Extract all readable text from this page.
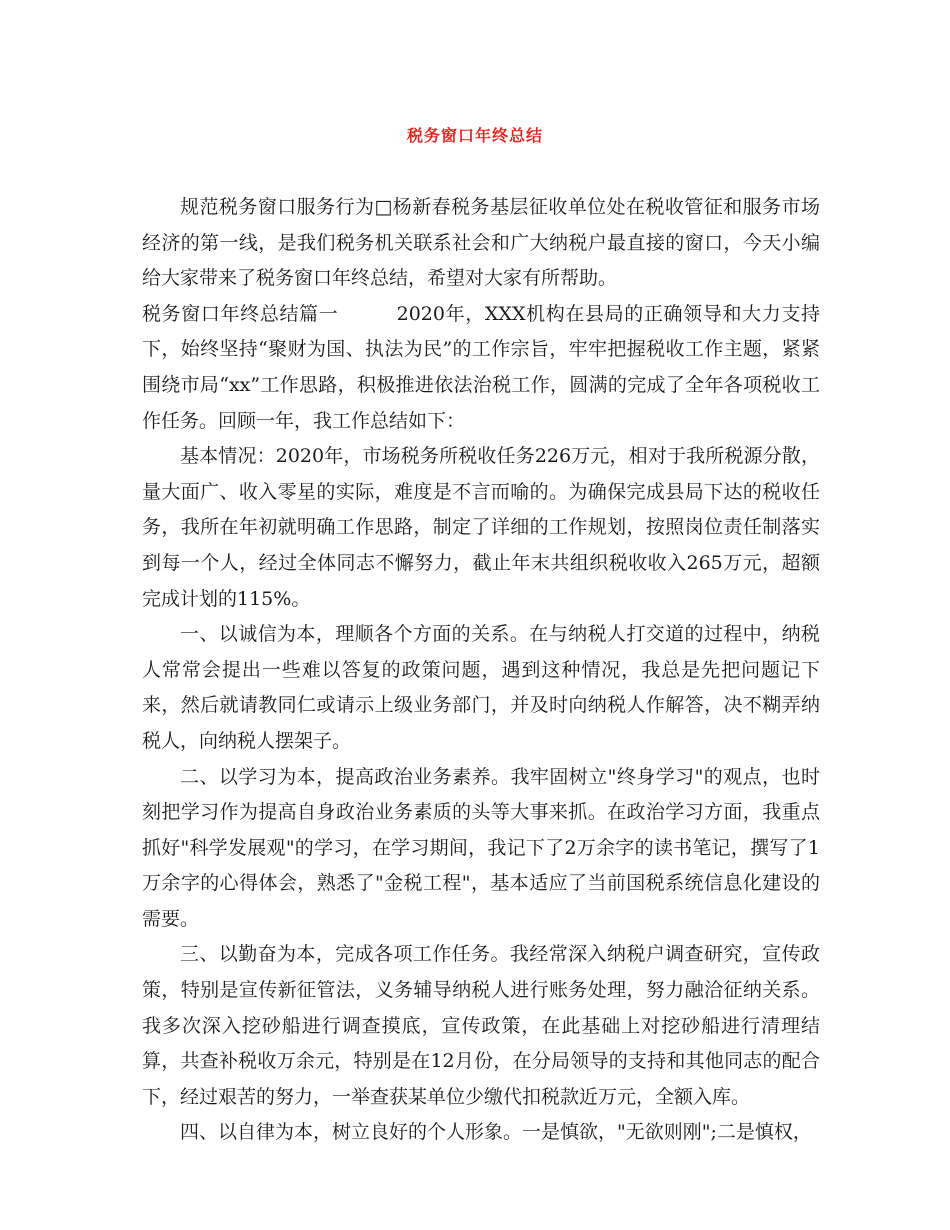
税务窗口年终总结

规范税务窗口服务行为□杨新春税务基层征收单位处在税收管征和服务市场经济的第一线，是我们税务机关联系社会和广大纳税户最直接的窗口，今天小编给大家带来了税务窗口年终总结，希望对大家有所帮助。

税务窗口年终总结篇一　　 2020年，XXX机构在县局的正确领导和大力支持下，始终坚持“聚财为国、执法为民”的工作宗旨，牢牢把握税收工作主题，紧紧围绕市局“xx”工作思路，积极推进依法治税工作，圆满的完成了全年各项税收工作任务。回顾一年，我工作总结如下：

基本情况：2020年，市场税务所税收任务226万元，相对于我所税源分散，量大面广、收入零星的实际，难度是不言而喻的。为确保完成县局下达的税收任务，我所在年初就明确工作思路，制定了详细的工作规划，按照岗位责任制落实到每一个人，经过全体同志不懈努力，截止年末共组织税收收入265万元，超额完成计划的115%。

一、以诚信为本，理顺各个方面的关系。在与纳税人打交道的过程中，纳税人常常会提出一些难以答复的政策问题，遇到这种情况，我总是先把问题记下来，然后就请教同仁或请示上级业务部门，并及时向纳税人作解答，决不糊弄纳税人，向纳税人摆架子。

二、以学习为本，提高政治业务素养。我牢固树立"终身学习"的观点，也时刻把学习作为提高自身政治业务素质的头等大事来抓。在政治学习方面，我重点抓好"科学发展观"的学习，在学习期间，我记下了2万余字的读书笔记，撰写了1万余字的心得体会，熟悉了"金税工程"，基本适应了当前国税系统信息化建设的需要。

三、以勤奋为本，完成各项工作任务。我经常深入纳税户调查研究，宣传政策，特别是宣传新征管法，义务辅导纳税人进行账务处理，努力融洽征纳关系。我多次深入挖砂船进行调查摸底，宣传政策，在此基础上对挖砂船进行清理结算，共查补税收万余元，特别是在12月份，在分局领导的支持和其他同志的配合下，经过艰苦的努力，一举查获某单位少缴代扣税款近万元，全额入库。

四、以自律为本，树立良好的个人形象。一是慎欲，"无欲则刚";二是慎权，
